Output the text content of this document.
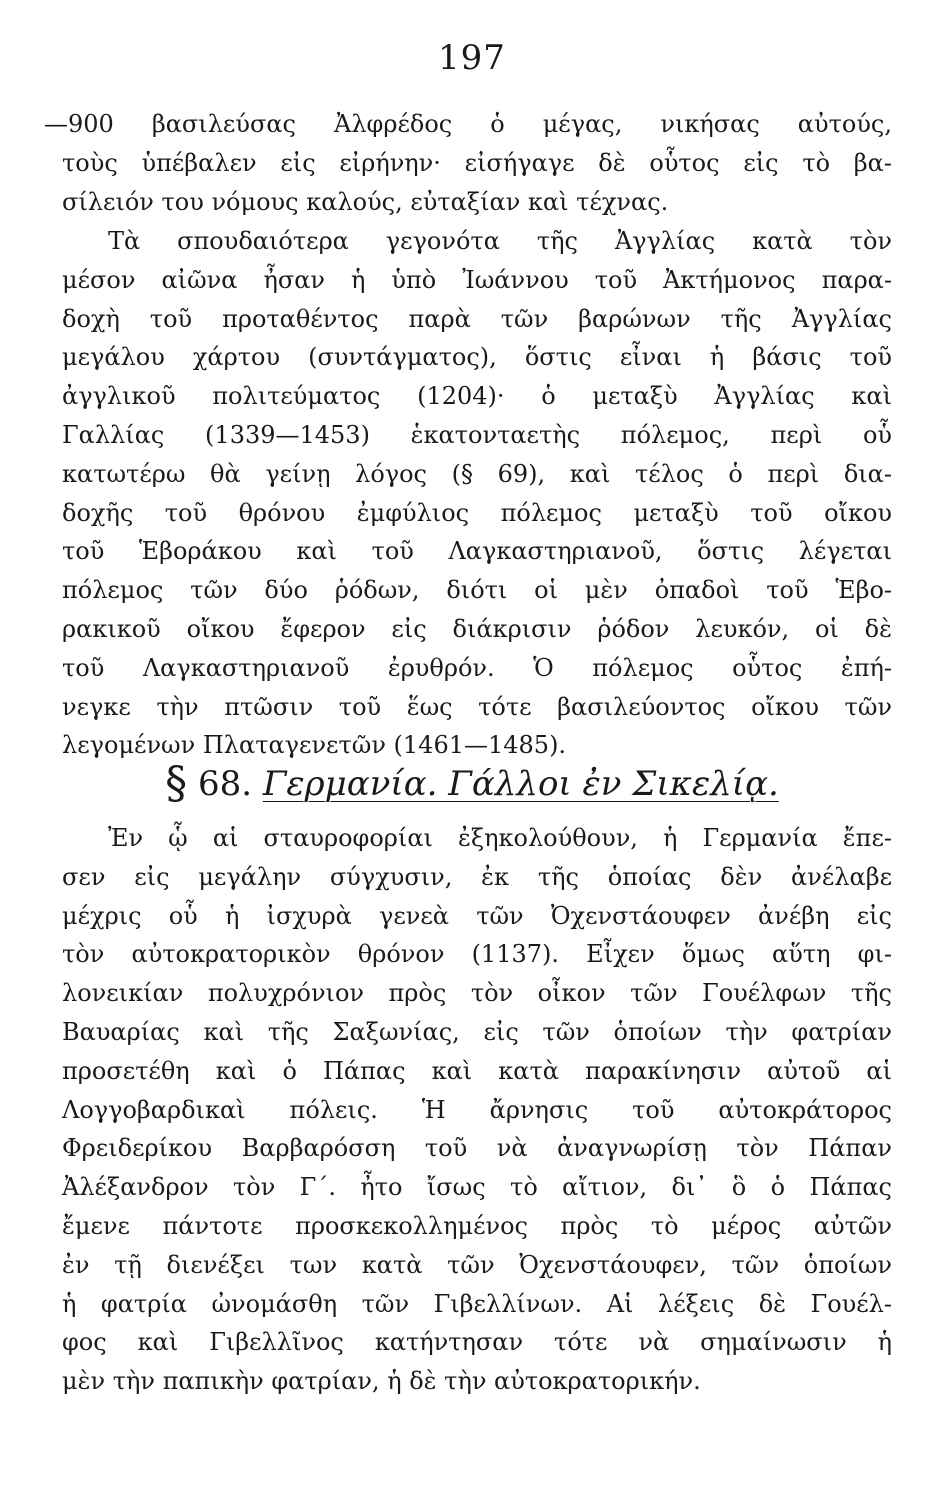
197
—900 βασιλεύσας Ἀλφρέδος ὁ μέγας, νικήσας αὐτούς,
τοὺς ὑπέβαλεν εἰς εἰρήνην· εἰσήγαγε δὲ οὗτος εἰς τὸ βα-
σίλειόν του νόμους καλούς, εὐταξίαν καὶ τέχνας.
Τὰ σπουδαιότερα γεγονότα τῆς Ἀγγλίας κατὰ τὸν
μέσον αἰῶνα ἦσαν ἡ ὑπὸ Ἰωάννου τοῦ Ἀκτήμονος παρα-
δοχὴ τοῦ προταθέντος παρὰ τῶν βαρώνων τῆς Ἀγγλίας
μεγάλου χάρτου (συντάγματος), ὅστις εἶναι ἡ βάσις τοῦ
ἀγγλικοῦ πολιτεύματος (1204)· ὁ μεταξὺ Ἀγγλίας καὶ
Γαλλίας (1339—1453) ἑκατονταετὴς πόλεμος, περὶ οὗ
κατωτέρω θὰ γείνῃ λόγος (§ 69), καὶ τέλος ὁ περὶ δια-
δοχῆς τοῦ θρόνου ἐμφύλιος πόλεμος μεταξὺ τοῦ οἴκου
τοῦ Ἑβοράκου καὶ τοῦ Λαγκαστηριανοῦ, ὅστις λέγεται
πόλεμος τῶν δύο ῥόδων, διότι οἱ μὲν ὀπαδοὶ τοῦ Ἑβο-
ρακικοῦ οἴκου ἔφερον εἰς διάκρισιν ῥόδον λευκόν, οἱ δὲ
τοῦ Λαγκαστηριανοῦ ἐρυθρόν. Ὁ πόλεμος οὗτος ἐπή-
νεγκε τὴν πτῶσιν τοῦ ἕως τότε βασιλεύοντος οἴκου τῶν
λεγομένων Πλαταγενετῶν (1461—1485).
§ 68. Γερμανία. Γάλλοι ἐν Σικελίᾳ.
Ἐν ᾧ αἱ σταυροφορίαι ἐξηκολούθουν, ἡ Γερμανία ἔπε-
σεν εἰς μεγάλην σύγχυσιν, ἐκ τῆς ὁποίας δὲν ἀνέλαβε
μέχρις οὗ ἡ ἰσχυρὰ γενεὰ τῶν Ὀχενστάουφεν ἀνέβη εἰς
τὸν αὐτοκρατορικὸν θρόνον (1137). Εἶχεν ὅμως αὕτη φι-
λονεικίαν πολυχρόνιον πρὸς τὸν οἶκον τῶν Γουέλφων τῆς
Βαυαρίας καὶ τῆς Σαξωνίας, εἰς τῶν ὁποίων τὴν φατρίαν
προσετέθη καὶ ὁ Πάπας καὶ κατὰ παρακίνησιν αὐτοῦ αἱ
Λογγοβαρδικαὶ πόλεις. Ἡ ἄρνησις τοῦ αὐτοκράτορος
Φρειδερίκου Βαρβαρόσση τοῦ νὰ ἀναγνωρίσῃ τὸν Πάπαν
Ἀλέξανδρον τὸν Γ΄. ἦτο ἴσως τὸ αἴτιον, δι᾽ ὃ ὁ Πάπας
ἔμενε πάντοτε προσκεκολλημένος πρὸς τὸ μέρος αὐτῶν
ἐν τῇ διενέξει των κατὰ τῶν Ὀχενστάουφεν, τῶν ὁποίων
ἡ φατρία ὠνομάσθη τῶν Γιβελλίνων. Αἱ λέξεις δὲ Γουέλ-
φος καὶ Γιβελλῖνος κατήντησαν τότε νὰ σημαίνωσιν ἡ
μὲν τὴν παπικὴν φατρίαν, ἡ δὲ τὴν αὐτοκρατορικήν.
